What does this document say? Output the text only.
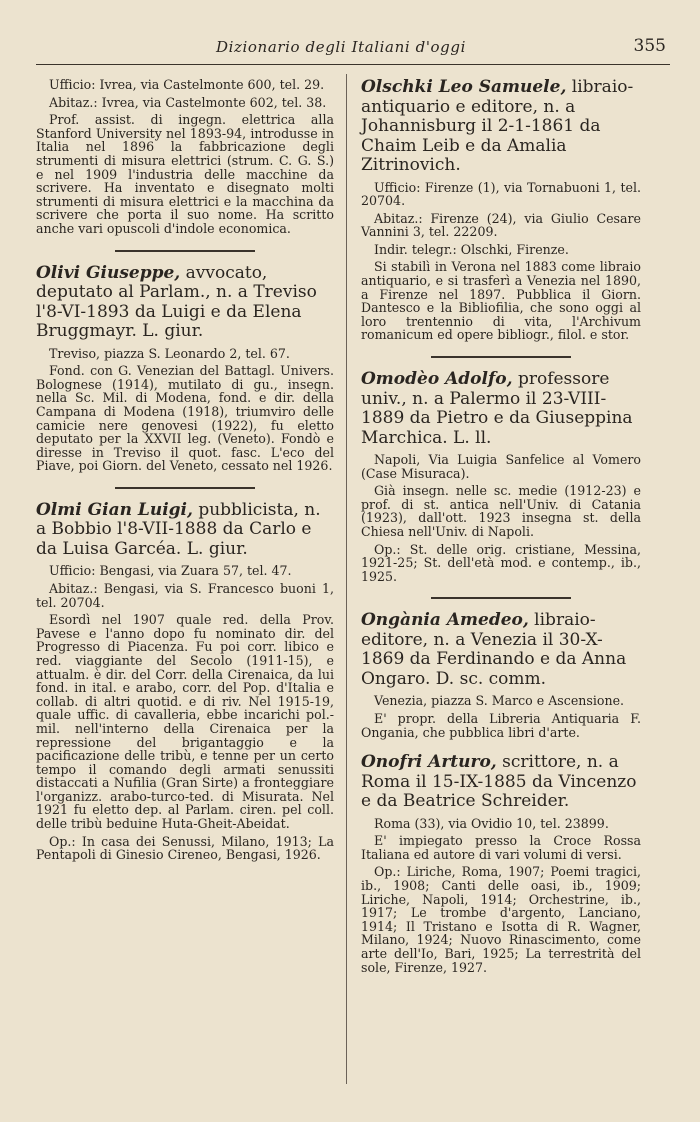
Dizionario degli Italiani d'oggi	355

Ufficio: Ivrea, via Castelmonte 600, tel. 29.

Abitaz.: Ivrea, via Castelmonte 602, tel. 38.

Prof. assist. di ingegn. elettrica alla Stanford University nel 1893-94, introdusse in Italia nel 1896 la fabbricazione degli strumenti di misura elettrici (strum. C. G. S.) e nel 1909 l'industria delle macchine da scrivere. Ha inventato e disegnato molti strumenti di misura elettrici e la macchina da scrivere che porta il suo nome. Ha scritto anche vari opuscoli d'indole economica.

Olivi Giuseppe, avvocato, deputato al Parlam., n. a Treviso l'8-VI-1893 da Luigi e da Elena Bruggmayr. L. giur.

Treviso, piazza S. Leonardo 2, tel. 67.

Fond. con G. Venezian del Battagl. Univers. Bolognese (1914), mutilato di gu., insegn. nella Sc. Mil. di Modena, fond. e dir. della Campana di Modena (1918), triumviro delle camicie nere genovesi (1922), fu eletto deputato per la XXVII leg. (Veneto). Fondò e diresse in Treviso il quot. fasc. L'eco del Piave, poi Giorn. del Veneto, cessato nel 1926.

Olmi Gian Luigi, pubblicista, n. a Bobbio l'8-VII-1888 da Carlo e da Luisa Garcéa. L. giur.

Ufficio: Bengasi, via Zuara 57, tel. 47.

Abitaz.: Bengasi, via S. Francesco buoni 1, tel. 20704.

Esordì nel 1907 quale red. della Prov. Pavese e l'anno dopo fu nominato dir. del Progresso di Piacenza. Fu poi corr. libico e red. viaggiante del Secolo (1911-15), e attualm. è dir. del Corr. della Cirenaica, da lui fond. in ital. e arabo, corr. del Pop. d'Italia e collab. di altri quotid. e di riv. Nel 1915-19, quale uffic. di cavalleria, ebbe incarichi pol.-mil. nell'interno della Cirenaica per la repressione del brigantaggio e la pacificazione delle tribù, e tenne per un certo tempo il comando degli armati senussiti distaccati a Nufilia (Gran Sirte) a fronteggiare l'organizz. arabo-turco-ted. di Misurata. Nel 1921 fu eletto dep. al Parlam. ciren. pel coll. delle tribù beduine Huta-Gheit-Abeidat.

Op.: In casa dei Senussi, Milano, 1913; La Pentapoli di Ginesio Cireneo, Bengasi, 1926.

Olschki Leo Samuele, libraio-antiquario e editore, n. a Johannisburg il 2-1-1861 da Chaim Leib e da Amalia Zitrinovich.

Ufficio: Firenze (1), via Tornabuoni 1, tel. 20704.

Abitaz.: Firenze (24), via Giulio Cesare Vannini 3, tel. 22209.

Indir. telegr.: Olschki, Firenze.

Si stabilì in Verona nel 1883 come libraio antiquario, e si trasferì a Venezia nel 1890, a Firenze nel 1897. Pubblica il Giorn. Dantesco e la Bibliofilia, che sono oggi al loro trentennio di vita, l'Archivum romanicum ed opere bibliogr., filol. e stor.

Omodèo Adolfo, professore univ., n. a Palermo il 23-VIII-1889 da Pietro e da Giuseppina Marchica. L. ll.

Napoli, Via Luigia Sanfelice al Vomero (Case Misuraca).

Già insegn. nelle sc. medie (1912-23) e prof. di st. antica nell'Univ. di Catania (1923), dall'ott. 1923 insegna st. della Chiesa nell'Univ. di Napoli.

Op.: St. delle orig. cristiane, Messina, 1921-25; St. dell'età mod. e contemp., ib., 1925.

Ongània Amedeo, libraio-editore, n. a Venezia il 30-X-1869 da Ferdinando e da Anna Ongaro. D. sc. comm.

Venezia, piazza S. Marco e Ascensione.

E' propr. della Libreria Antiquaria F. Ongania, che pubblica libri d'arte.

Onofri Arturo, scrittore, n. a Roma il 15-IX-1885 da Vincenzo e da Beatrice Schreider.

Roma (33), via Ovidio 10, tel. 23899.

E' impiegato presso la Croce Rossa Italiana ed autore di vari volumi di versi.

Op.: Liriche, Roma, 1907; Poemi tragici, ib., 1908; Canti delle oasi, ib., 1909; Liriche, Napoli, 1914; Orchestrine, ib., 1917; Le trombe d'argento, Lanciano, 1914; Il Tristano e Isotta di R. Wagner, Milano, 1924; Nuovo Rinascimento, come arte dell'Io, Bari, 1925; La terrestrità del sole, Firenze, 1927.
